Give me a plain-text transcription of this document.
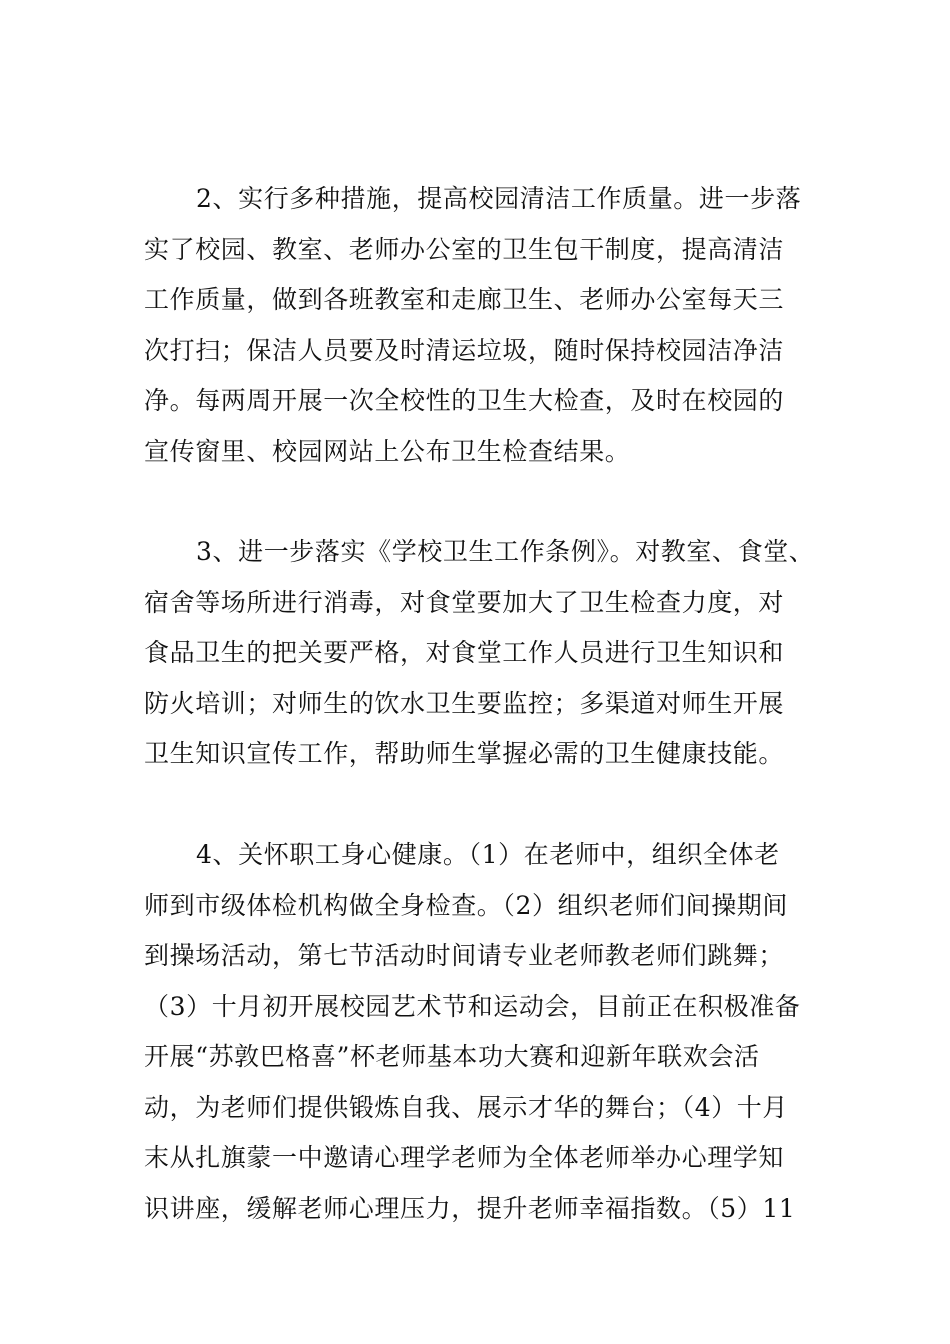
2、实行多种措施，提高校园清洁工作质量。进一步落
实了校园、教室、老师办公室的卫生包干制度，提高清洁
工作质量，做到各班教室和走廊卫生、老师办公室每天三
次打扫；保洁人员要及时清运垃圾，随时保持校园洁净洁
净。每两周开展一次全校性的卫生大检查，及时在校园的
宣传窗里、校园网站上公布卫生检查结果。
3、进一步落实《学校卫生工作条例》。对教室、食堂、
宿舍等场所进行消毒，对食堂要加大了卫生检查力度，对
食品卫生的把关要严格，对食堂工作人员进行卫生知识和
防火培训；对师生的饮水卫生要监控；多渠道对师生开展
卫生知识宣传工作，帮助师生掌握必需的卫生健康技能。
4、关怀职工身心健康。（1）在老师中，组织全体老
师到市级体检机构做全身检查。（2）组织老师们间操期间
到操场活动，第七节活动时间请专业老师教老师们跳舞；
（3）十月初开展校园艺术节和运动会，目前正在积极准备
开展“苏敦巴格喜”杯老师基本功大赛和迎新年联欢会活
动，为老师们提供锻炼自我、展示才华的舞台；（4）十月
末从扎旗蒙一中邀请心理学老师为全体老师举办心理学知
识讲座，缓解老师心理压力，提升老师幸福指数。（5）11
